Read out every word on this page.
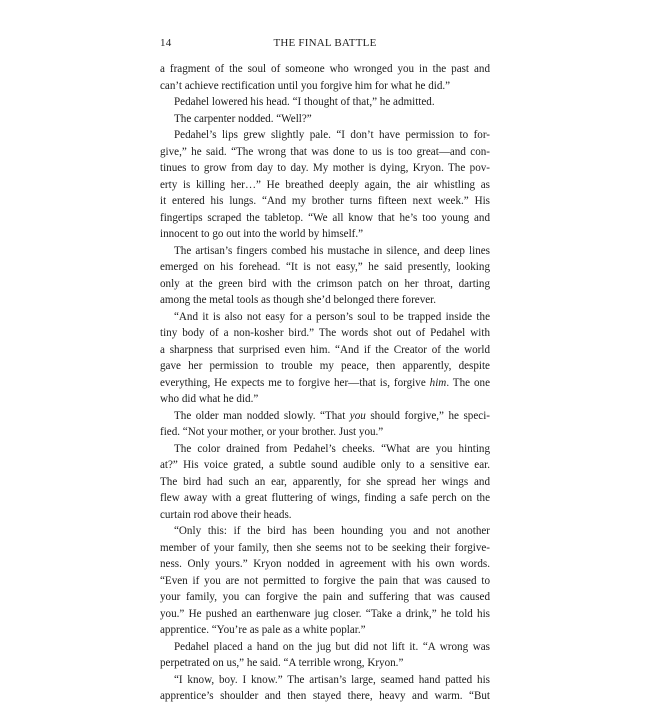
14	THE FINAL BATTLE
a fragment of the soul of someone who wronged you in the past and
can’t achieve rectification until you forgive him for what he did.”
Pedahel lowered his head. “I thought of that,” he admitted.
The carpenter nodded. “Well?”
Pedahel’s lips grew slightly pale. “I don’t have permission to for-
give,” he said. “The wrong that was done to us is too great—and con-
tinues to grow from day to day. My mother is dying, Kryon. The pov-
erty is killing her…” He breathed deeply again, the air whistling as
it entered his lungs. “And my brother turns fifteen next week.” His
fingertips scraped the tabletop. “We all know that he’s too young and
innocent to go out into the world by himself.”
The artisan’s fingers combed his mustache in silence, and deep lines
emerged on his forehead. “It is not easy,” he said presently, looking
only at the green bird with the crimson patch on her throat, darting
among the metal tools as though she’d belonged there forever.
“And it is also not easy for a person’s soul to be trapped inside the
tiny body of a non-kosher bird.” The words shot out of Pedahel with
a sharpness that surprised even him. “And if the Creator of the world
gave her permission to trouble my peace, then apparently, despite
everything, He expects me to forgive her—that is, forgive him. The one
who did what he did.”
The older man nodded slowly. “That you should forgive,” he speci-
fied. “Not your mother, or your brother. Just you.”
The color drained from Pedahel’s cheeks. “What are you hinting
at?” His voice grated, a subtle sound audible only to a sensitive ear.
The bird had such an ear, apparently, for she spread her wings and
flew away with a great fluttering of wings, finding a safe perch on the
curtain rod above their heads.
“Only this: if the bird has been hounding you and not another
member of your family, then she seems not to be seeking their forgive-
ness. Only yours.” Kryon nodded in agreement with his own words.
“Even if you are not permitted to forgive the pain that was caused to
your family, you can forgive the pain and suffering that was caused
you.” He pushed an earthenware jug closer. “Take a drink,” he told his
apprentice. “You’re as pale as a white poplar.”
Pedahel placed a hand on the jug but did not lift it. “A wrong was
perpetrated on us,” he said. “A terrible wrong, Kryon.”
“I know, boy. I know.” The artisan’s large, seamed hand patted his
apprentice’s shoulder and then stayed there, heavy and warm. “But
